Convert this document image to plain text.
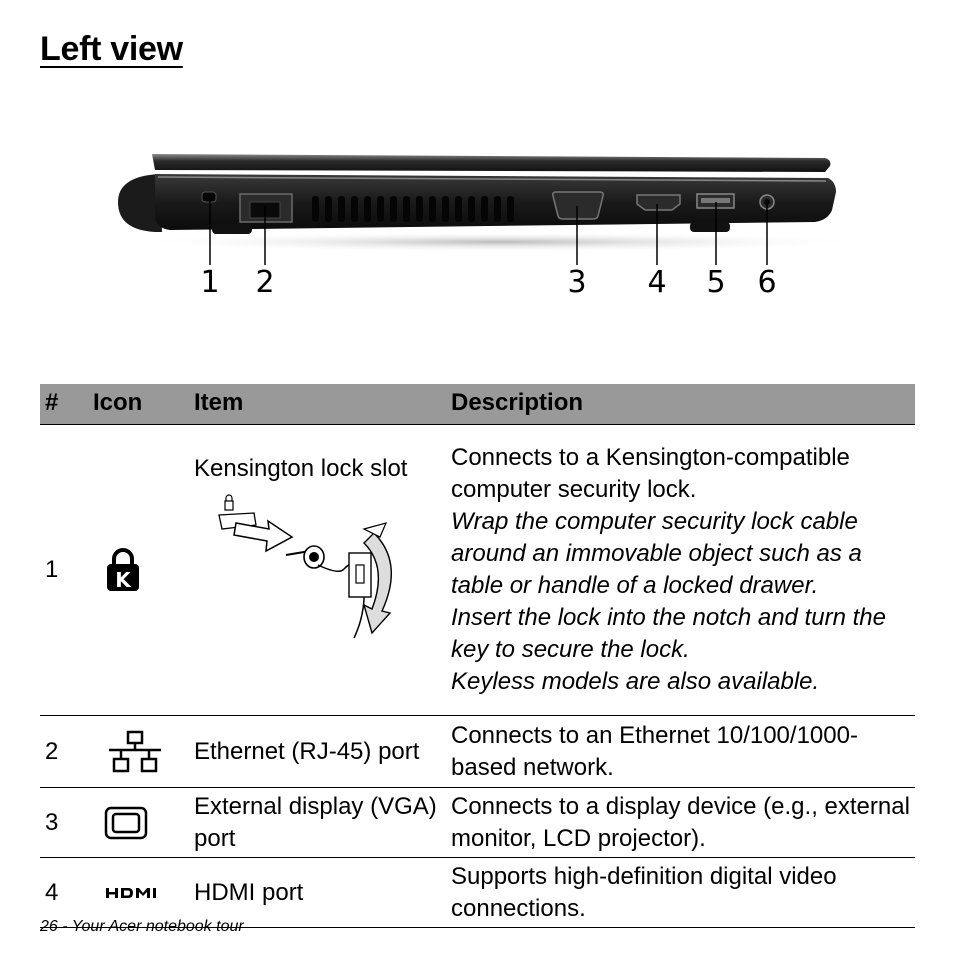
Left view
1 2	3 4 5 6
#	Icon	Item	Description
1	K	Kensington lock slot	Connects to a Kensington-compatible computer security lock.
Wrap the computer security lock cable around an immovable object such as a table or handle of a locked drawer.
Insert the lock into the notch and turn the key to secure the lock.
Keyless models are also available.

2		Ethernet (RJ-45) port	Connects to an Ethernet 10/100/1000-based network.
3		External display (VGA) port	Connects to a display device (e.g., external monitor, LCD projector).
4		HDMI port	Supports high-definition digital video connections.
26 - Your Acer notebook tour
